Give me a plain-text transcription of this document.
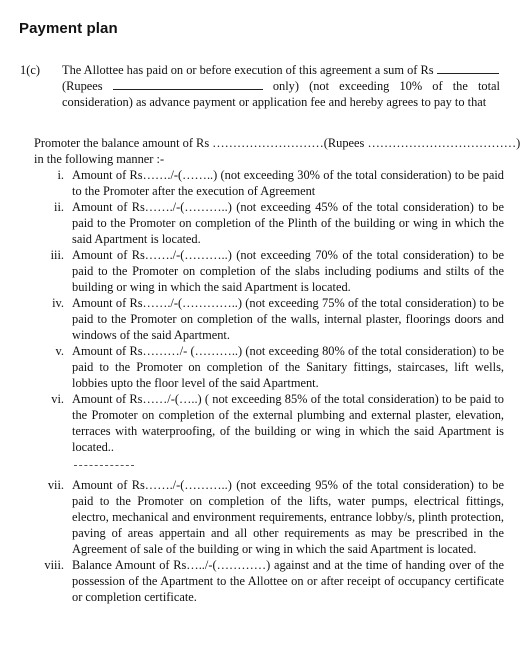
Payment plan
1(c)	The Allottee has paid on or before execution of this agreement a sum of Rs
(Rupees	only) (not exceeding 10% of the total
consideration) as advance payment or application fee and hereby agrees to pay to that
Promoter the balance amount of Rs ………………………(Rupees ………………………………)
in the following manner :-
i. Amount of Rs……./-(……..) (not exceeding 30% of the total consideration) to be paid to the Promoter after the execution of Agreement
ii. Amount of Rs……./-(………..) (not exceeding 45% of the total consideration) to be paid to the Promoter on completion of the Plinth of the building or wing in which the said Apartment is located.
iii. Amount of Rs……./-(………..) (not exceeding 70% of the total consideration) to be paid to the Promoter on completion of the slabs including podiums and stilts of the building or wing in which the said Apartment is located.
iv. Amount of Rs……./-(…………..) (not exceeding 75% of the total consideration) to be paid to the Promoter on completion of the walls, internal plaster, floorings doors and windows of the said Apartment.
v. Amount of Rs………/- (………..) (not exceeding 80% of the total consideration) to be paid to the Promoter on completion of the Sanitary fittings, staircases, lift wells, lobbies upto the floor level of the said Apartment.
vi. Amount of Rs……/-(…..) ( not exceeding 85% of the total consideration) to be paid to the Promoter on completion of the external plumbing and external plaster, elevation, terraces with waterproofing, of the building or wing in which the said Apartment is located..
vii. Amount of Rs……./-(………..) (not exceeding 95% of the total consideration) to be paid to the Promoter on completion of the lifts, water pumps, electrical fittings, electro, mechanical and environment requirements, entrance lobby/s, plinth protection, paving of areas appertain and all other requirements as may be prescribed in the Agreement of sale of the building or wing in which the said Apartment is located.
viii. Balance Amount of Rs…../-(…………) against and at the time of handing over of the possession of the Apartment to the Allottee on or after receipt of occupancy certificate or completion certificate.
